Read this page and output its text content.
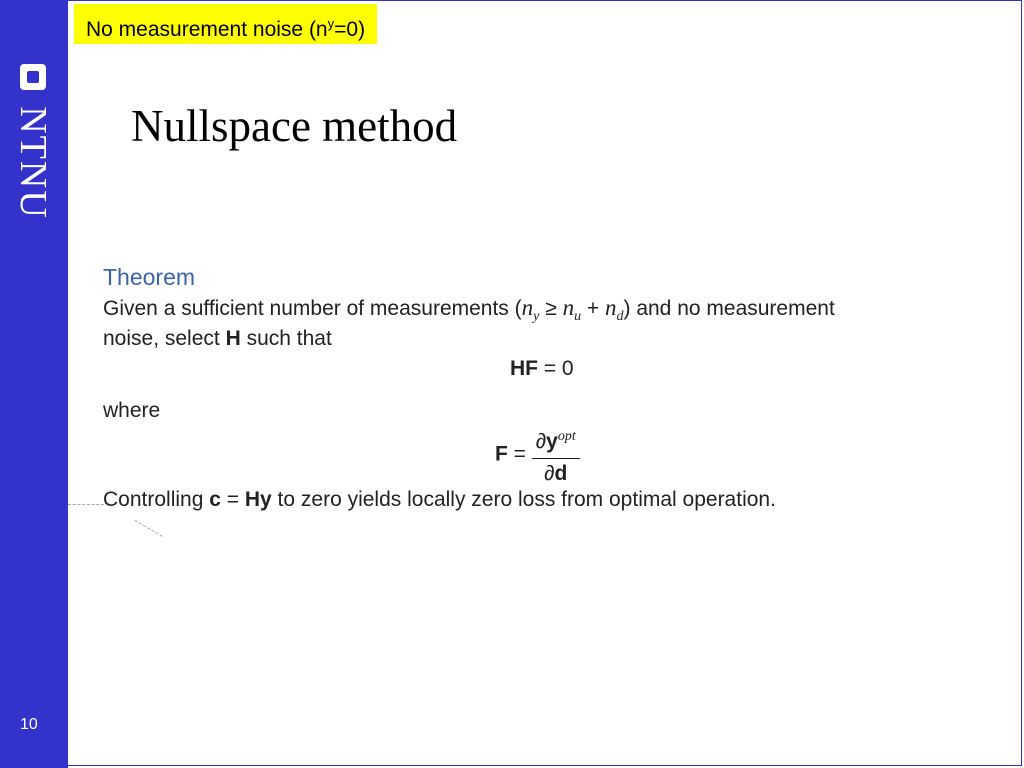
NTNU
10
No measurement noise $(n^y=0)$
Nullspace method
Theorem
Given a sufficient number of measurements $(n_y \ge n_u + n_d)$ and no measurement
noise, select H such that
HF = 0
where
$F = \frac{\partial y^{opt}}{\partial d}$
Controlling c = Hy to zero yields locally zero loss from optimal operation.
